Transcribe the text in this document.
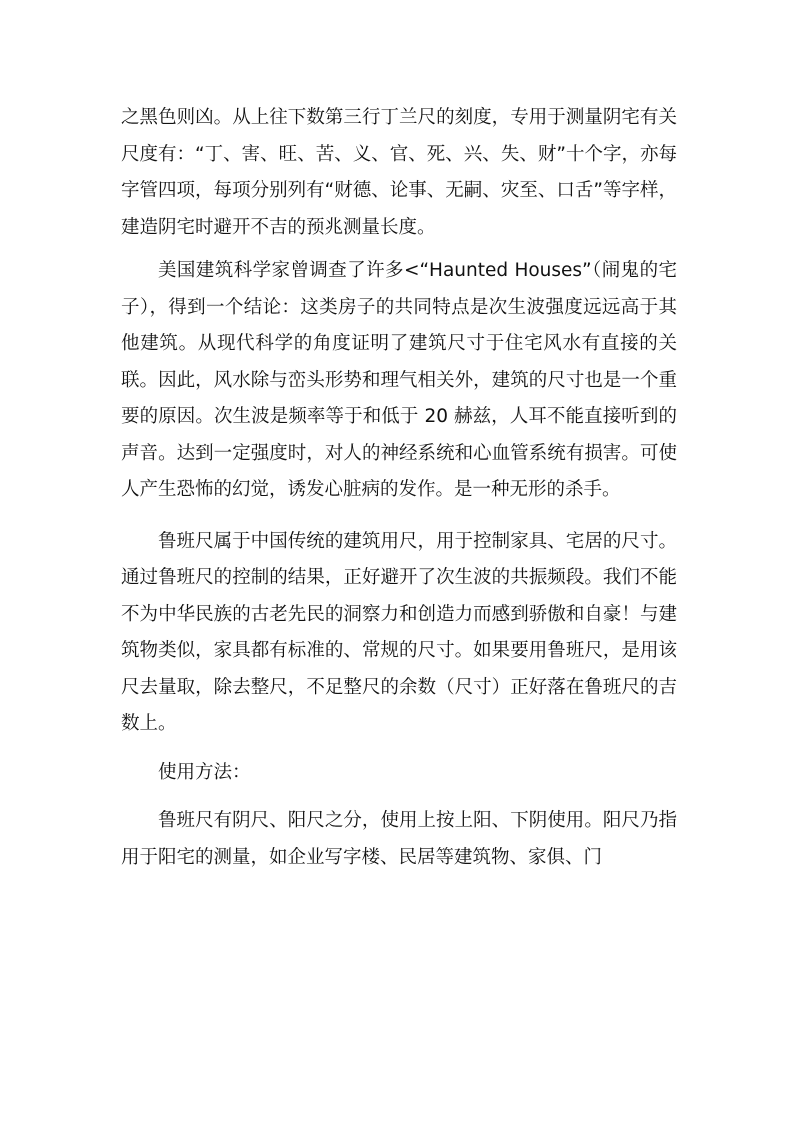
之黑色则凶。从上往下数第三行丁兰尺的刻度，专用于测量阴宅有关尺度有：“丁、害、旺、苦、义、官、死、兴、失、财”十个字，亦每字管四项，每项分别列有“财德、论事、无嗣、灾至、口舌”等字样，建造阴宅时避开不吉的预兆测量长度。

美国建筑科学家曾调查了许多<“Haunted Houses”（闹鬼的宅子），得到一个结论：这类房子的共同特点是次生波强度远远高于其他建筑。从现代科学的角度证明了建筑尺寸于住宅风水有直接的关联。因此，风水除与峦头形势和理气相关外，建筑的尺寸也是一个重要的原因。次生波是频率等于和低于 20 赫兹，人耳不能直接听到的声音。达到一定强度时，对人的神经系统和心血管系统有损害。可使人产生恐怖的幻觉，诱发心脏病的发作。是一种无形的杀手。

鲁班尺属于中国传统的建筑用尺，用于控制家具、宅居的尺寸。通过鲁班尺的控制的结果，正好避开了次生波的共振频段。我们不能不为中华民族的古老先民的洞察力和创造力而感到骄傲和自豪！与建筑物类似，家具都有标准的、常规的尺寸。如果要用鲁班尺，是用该尺去量取，除去整尺，不足整尺的余数（尺寸）正好落在鲁班尺的吉数上。

使用方法：

鲁班尺有阴尺、阳尺之分，使用上按上阳、下阴使用。阳尺乃指用于阳宅的测量，如企业写字楼、民居等建筑物、家俱、门
